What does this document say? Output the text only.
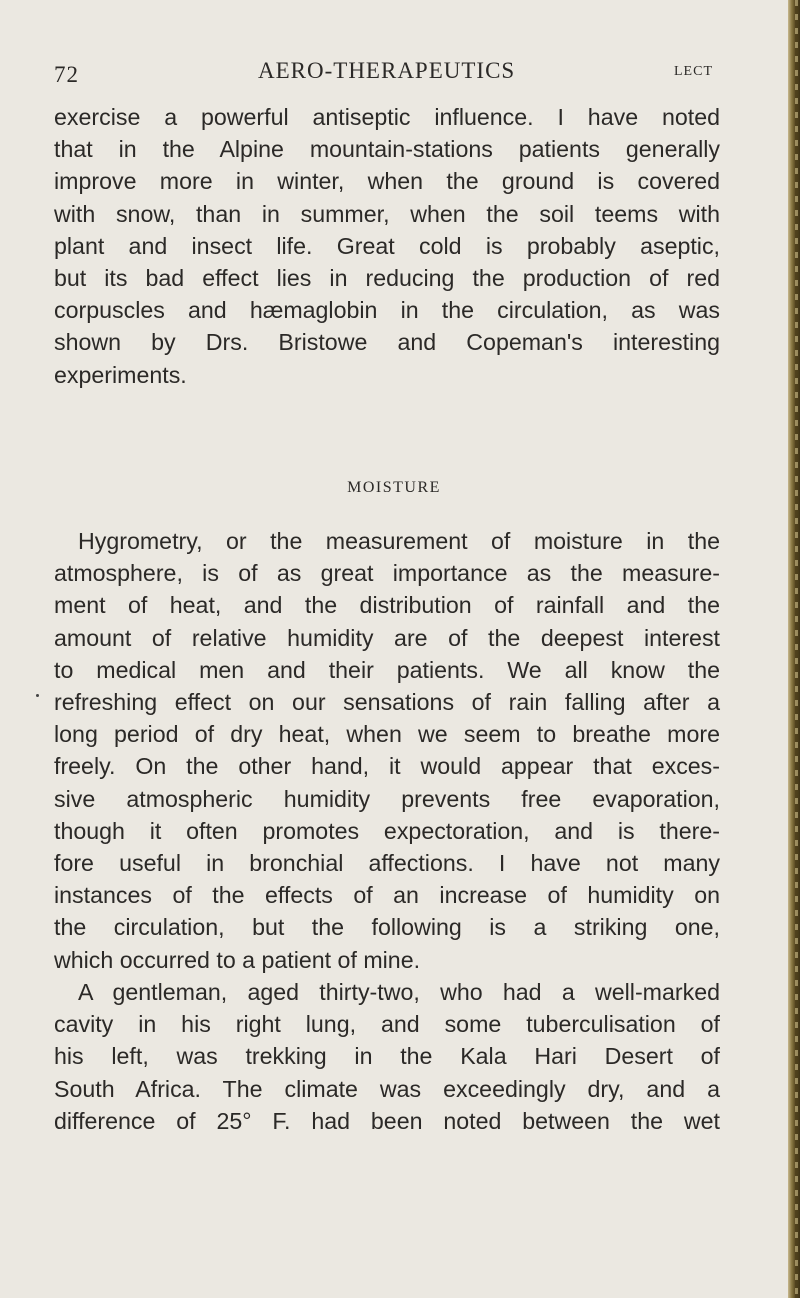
72	AERO-THERAPEUTICS	LECT
exercise a powerful antiseptic influence. I have noted
that in the Alpine mountain-stations patients generally
improve more in winter, when the ground is covered
with snow, than in summer, when the soil teems with
plant and insect life. Great cold is probably aseptic,
but its bad effect lies in reducing the production of red
corpuscles and hæmaglobin in the circulation, as was
shown by Drs. Bristowe and Copeman's interesting
experiments.
MOISTURE
Hygrometry, or the measurement of moisture in the
atmosphere, is of as great importance as the measure-
ment of heat, and the distribution of rainfall and the
amount of relative humidity are of the deepest interest
to medical men and their patients. We all know the
refreshing effect on our sensations of rain falling after a
long period of dry heat, when we seem to breathe more
freely. On the other hand, it would appear that exces-
sive atmospheric humidity prevents free evaporation,
though it often promotes expectoration, and is there-
fore useful in bronchial affections. I have not many
instances of the effects of an increase of humidity on
the circulation, but the following is a striking one,
which occurred to a patient of mine.
A gentleman, aged thirty-two, who had a well-marked
cavity in his right lung, and some tuberculisation of
his left, was trekking in the Kala Hari Desert of
South Africa. The climate was exceedingly dry, and a
difference of 25° F. had been noted between the wet
